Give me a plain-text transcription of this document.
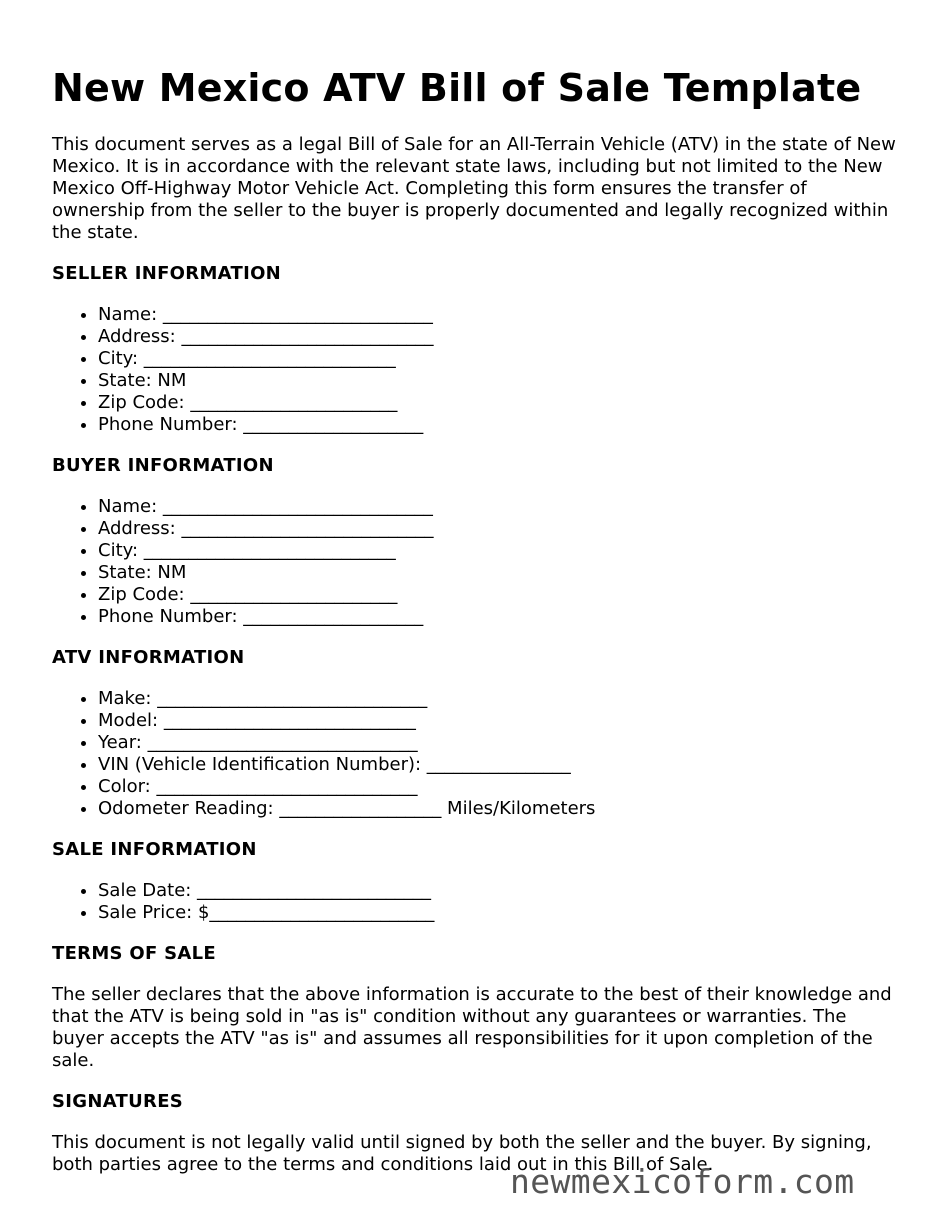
New Mexico ATV Bill of Sale Template

This document serves as a legal Bill of Sale for an All-Terrain Vehicle (ATV) in the state of New Mexico. It is in accordance with the relevant state laws, including but not limited to the New Mexico Off-Highway Motor Vehicle Act. Completing this form ensures the transfer of ownership from the seller to the buyer is properly documented and legally recognized within the state.

SELLER INFORMATION
• Name: ______________________________
• Address: ____________________________
• City: ____________________________
• State: NM
• Zip Code: _______________________
• Phone Number: ____________________
BUYER INFORMATION
• Name: ______________________________
• Address: ____________________________
• City: ____________________________
• State: NM
• Zip Code: _______________________
• Phone Number: ____________________
ATV INFORMATION
• Make: ______________________________
• Model: ____________________________
• Year: ______________________________
• VIN (Vehicle Identification Number): ________________
• Color: _____________________________
• Odometer Reading: __________________ Miles/Kilometers
SALE INFORMATION
• Sale Date: __________________________
• Sale Price: $_________________________
TERMS OF SALE

The seller declares that the above information is accurate to the best of their knowledge and that the ATV is being sold in "as is" condition without any guarantees or warranties. The buyer accepts the ATV "as is" and assumes all responsibilities for it upon completion of the sale.

SIGNATURES

This document is not legally valid until signed by both the seller and the buyer. By signing, both parties agree to the terms and conditions laid out in this Bill of Sale.

newmexicoform.com
